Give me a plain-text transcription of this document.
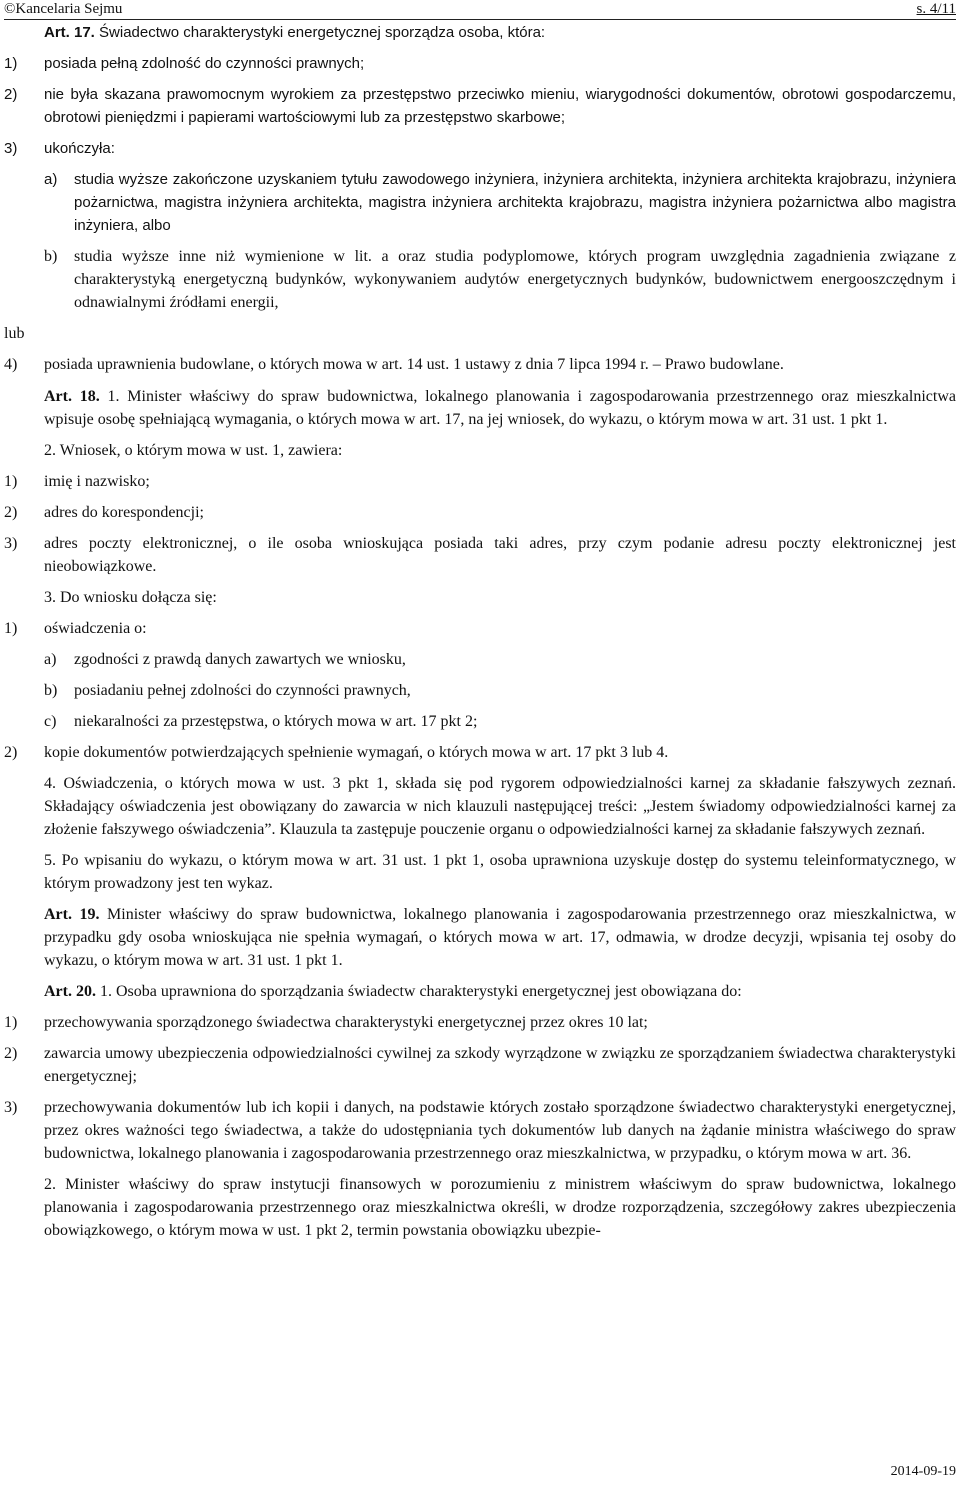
©Kancelaria Sejmu	s. 4/11

Art. 17. Świadectwo charakterystyki energetycznej sporządza osoba, która:

1)	posiada pełną zdolność do czynności prawnych;
2)	nie była skazana prawomocnym wyrokiem za przestępstwo przeciwko mieniu, wiarygodności dokumentów, obrotowi gospodarczemu, obrotowi pieniędzmi i papierami wartościowymi lub za przestępstwo skarbowe;
3)	ukończyła:
a)	studia wyższe zakończone uzyskaniem tytułu zawodowego inżyniera, inżyniera architekta, inżyniera architekta krajobrazu, inżyniera pożarnictwa, magistra inżyniera architekta, magistra inżyniera architekta krajobrazu, magistra inżyniera pożarnictwa albo magistra inżyniera, albo
b)	studia wyższe inne niż wymienione w lit. a oraz studia podyplomowe, których program uwzględnia zagadnienia związane z charakterystyką energetyczną budynków, wykonywaniem audytów energetycznych budynków, budownictwem energooszczędnym i odnawialnymi źródłami energii,

lub

4)	posiada uprawnienia budowlane, o których mowa w art. 14 ust. 1 ustawy z dnia 7 lipca 1994 r. – Prawo budowlane.

Art. 18. 1. Minister właściwy do spraw budownictwa, lokalnego planowania i zagospodarowania przestrzennego oraz mieszkalnictwa wpisuje osobę spełniającą wymagania, o których mowa w art. 17, na jej wniosek, do wykazu, o którym mowa w art. 31 ust. 1 pkt 1.

2. Wniosek, o którym mowa w ust. 1, zawiera:

1)	imię i nazwisko;
2)	adres do korespondencji;
3)	adres poczty elektronicznej, o ile osoba wnioskująca posiada taki adres, przy czym podanie adresu poczty elektronicznej jest nieobowiązkowe.

3. Do wniosku dołącza się:

1)	oświadczenia o:
a)	zgodności z prawdą danych zawartych we wniosku,
b)	posiadaniu pełnej zdolności do czynności prawnych,
c)	niekaralności za przestępstwa, o których mowa w art. 17 pkt 2;
2)	kopie dokumentów potwierdzających spełnienie wymagań, o których mowa w art. 17 pkt 3 lub 4.

4. Oświadczenia, o których mowa w ust. 3 pkt 1, składa się pod rygorem odpowiedzialności karnej za składanie fałszywych zeznań. Składający oświadczenia jest obowiązany do zawarcia w nich klauzuli następującej treści: „Jestem świadomy odpowiedzialności karnej za złożenie fałszywego oświadczenia”. Klauzula ta zastępuje pouczenie organu o odpowiedzialności karnej za składanie fałszywych zeznań.

5. Po wpisaniu do wykazu, o którym mowa w art. 31 ust. 1 pkt 1, osoba uprawniona uzyskuje dostęp do systemu teleinformatycznego, w którym prowadzony jest ten wykaz.

Art. 19. Minister właściwy do spraw budownictwa, lokalnego planowania i zagospodarowania przestrzennego oraz mieszkalnictwa, w przypadku gdy osoba wnioskująca nie spełnia wymagań, o których mowa w art. 17, odmawia, w drodze decyzji, wpisania tej osoby do wykazu, o którym mowa w art. 31 ust. 1 pkt 1.

Art. 20. 1. Osoba uprawniona do sporządzania świadectw charakterystyki energetycznej jest obowiązana do:

1)	przechowywania sporządzonego świadectwa charakterystyki energetycznej przez okres 10 lat;
2)	zawarcia umowy ubezpieczenia odpowiedzialności cywilnej za szkody wyrządzone w związku ze sporządzaniem świadectwa charakterystyki energetycznej;
3)	przechowywania dokumentów lub ich kopii i danych, na podstawie których zostało sporządzone świadectwo charakterystyki energetycznej, przez okres ważności tego świadectwa, a także do udostępniania tych dokumentów lub danych na żądanie ministra właściwego do spraw budownictwa, lokalnego planowania i zagospodarowania przestrzennego oraz mieszkalnictwa, w przypadku, o którym mowa w art. 36.

2. Minister właściwy do spraw instytucji finansowych w porozumieniu z ministrem właściwym do spraw budownictwa, lokalnego planowania i zagospodarowania przestrzennego oraz mieszkalnictwa określi, w drodze rozporządzenia, szczegółowy zakres ubezpieczenia obowiązkowego, o którym mowa w ust. 1 pkt 2, termin powstania obowiązku ubezpie-

2014-09-19
